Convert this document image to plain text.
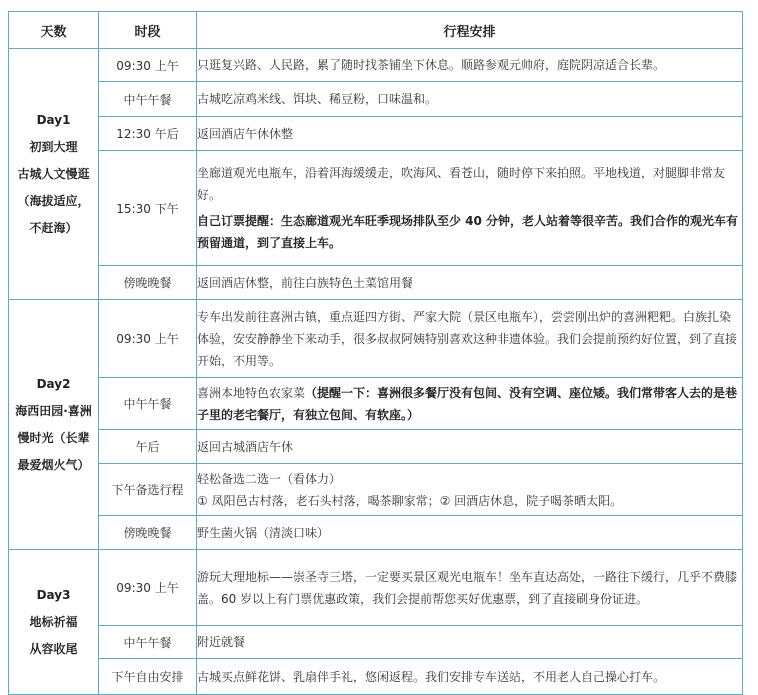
天数	时段	行程安排

Day1
初到大理
古城人文慢逛
（海拔适应，
不赶海）	09:30 上午	只逛复兴路、人民路，累了随时找茶铺坐下休息。顺路参观元帅府，庭院阴凉适合长辈。
	中午午餐	古城吃凉鸡米线、饵块、稀豆粉，口味温和。
	12:30 午后	返回酒店午休休整
	15:30 下午	坐廊道观光电瓶车，沿着洱海缓缓走，吹海风、看苍山，随时停下来拍照。平地栈道，对腿脚非常友好。

自己订票提醒：生态廊道观光车旺季现场排队至少 40 分钟，老人站着等很辛苦。我们合作的观光车有预留通道，到了直接上车。

	傍晚晚餐	返回酒店休整，前往白族特色土菜馆用餐

Day2
海西田园·喜洲
慢时光（长辈
最爱烟火气）	09:30 上午	专车出发前往喜洲古镇，重点逛四方街、严家大院（景区电瓶车），尝尝刚出炉的喜洲粑粑。白族扎染体验，安安静静坐下来动手，很多叔叔阿姨特别喜欢这种非遗体验。我们会提前预约好位置，到了直接开始，不用等。
	中午午餐	喜洲本地特色农家菜（提醒一下：喜洲很多餐厅没有包间、没有空调、座位矮。我们常带客人去的是巷子里的老宅餐厅，有独立包间、有软座。）
	午后	返回古城酒店午休
	下午备选行程	轻松备选二选一（看体力）

① 凤阳邑古村落，老石头村落，喝茶聊家常；② 回酒店休息，院子喝茶晒太阳。

	傍晚晚餐	野生菌火锅（清淡口味）

Day3
地标祈福
从容收尾	09:30 上午	游玩大理地标——崇圣寺三塔，一定要买景区观光电瓶车！坐车直达高处，一路往下缓行，几乎不费膝盖。60 岁以上有门票优惠政策，我们会提前帮您买好优惠票，到了直接刷身份证进。
	中午午餐	附近就餐
	下午自由安排	古城买点鲜花饼、乳扇伴手礼，悠闲返程。我们安排专车送站，不用老人自己操心打车。
